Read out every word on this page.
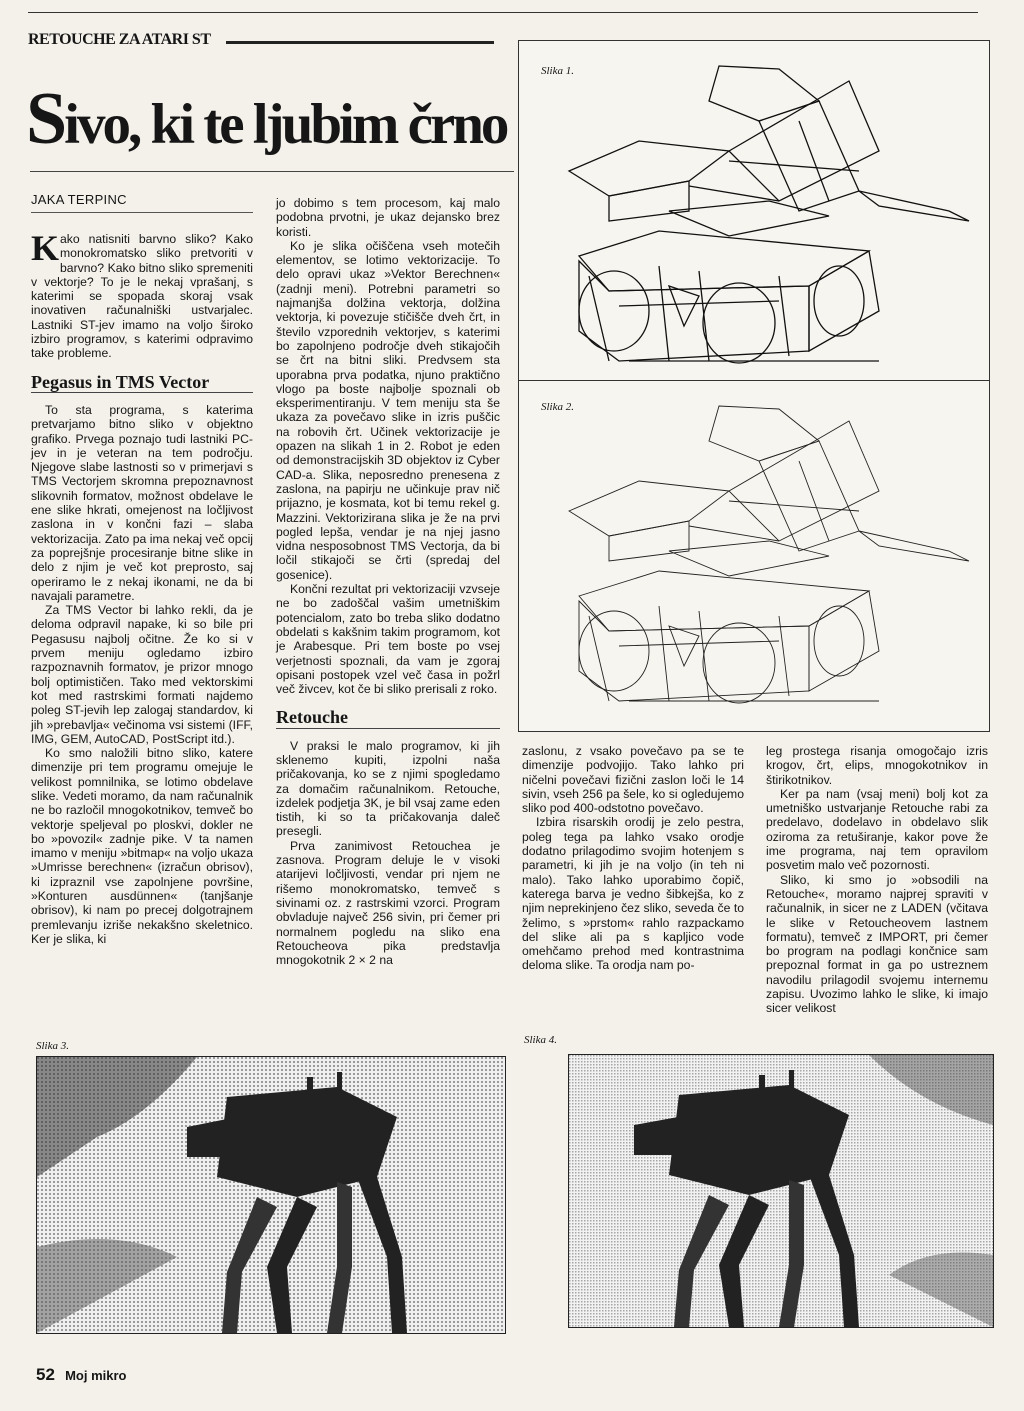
RETOUCHE ZA ATARI ST
Sivo, ki te ljubim črno
JAKA TERPINC

Kako natisniti barvno sliko? Kako monokromatsko sliko pretvoriti v barvno? Kako bitno sliko spremeniti v vektorje? To je le nekaj vprašanj, s katerimi se spopada skoraj vsak inovativen računalniški ustvarjalec. Lastniki ST-jev imamo na voljo široko izbiro programov, s katerimi odpravimo take probleme.

Pegasus in TMS Vector

To sta programa, s katerima pretvarjamo bitno sliko v objektno grafiko. Prvega poznajo tudi lastniki PC-jev in je veteran na tem področju. Njegove slabe lastnosti so v primerjavi s TMS Vectorjem skromna prepoznavnost slikovnih formatov, možnost obdelave le ene slike hkrati, omejenost na ločljivost zaslona in v končni fazi – slaba vektorizacija. Zato pa ima nekaj več opcij za poprejšnje procesiranje bitne slike in delo z njim je več kot preprosto, saj operiramo le z nekaj ikonami, ne da bi navajali parametre.

Za TMS Vector bi lahko rekli, da je deloma odpravil napake, ki so bile pri Pegasusu najbolj očitne. Že ko si v prvem meniju ogledamo izbiro razpoznavnih formatov, je prizor mnogo bolj optimističen. Tako med vektorskimi kot med rastrskimi formati najdemo poleg ST-jevih lep zalogaj standardov, ki jih »prebavlja« večinoma vsi sistemi (IFF, IMG, GEM, AutoCAD, PostScript itd.).

Ko smo naložili bitno sliko, katere dimenzije pri tem programu omejuje le velikost pomnilnika, se lotimo obdelave slike. Vedeti moramo, da nam računalnik ne bo razločil mnogokotnikov, temveč bo vektorje speljeval po ploskvi, dokler ne bo »povozil« zadnje pike. V ta namen imamo v meniju »bitmap« na voljo ukaza »Umrisse berechnen« (izračun obrisov), ki izpraznil vse zapolnjene površine, »Konturen ausdünnen« (tanjšanje obrisov), ki nam po precej dolgotrajnem premlevanju izriše nekakšno skeletnico. Ker je slika, ki

jo dobimo s tem procesom, kaj malo podobna prvotni, je ukaz dejansko brez koristi.

Ko je slika očiščena vseh motečih elementov, se lotimo vektorizacije. To delo opravi ukaz »Vektor Berechnen« (zadnji meni). Potrebni parametri so najmanjša dolžina vektorja, dolžina vektorja, ki povezuje stičišče dveh črt, in število vzporednih vektorjev, s katerimi bo zapolnjeno področje dveh stikajočih se črt na bitni sliki. Predvsem sta uporabna prva podatka, njuno praktično vlogo pa boste najbolje spoznali ob eksperimentiranju. V tem meniju sta še ukaza za povečavo slike in izris puščic na robovih črt. Učinek vektorizacije je opazen na slikah 1 in 2. Robot je eden od demonstracijskih 3D objektov iz Cyber CAD-a. Slika, neposredno prenesena z zaslona, na papirju ne učinkuje prav nič prijazno, je kosmata, kot bi temu rekel g. Mazzini. Vektorizirana slika je že na prvi pogled lepša, vendar je na njej jasno vidna nesposobnost TMS Vectorja, da bi ločil stikajoči se črti (spredaj del gosenice).

Končni rezultat pri vektorizaciji vzvseje ne bo zadoščal vašim umetniškim potencialom, zato bo treba sliko dodatno obdelati s kakšnim takim programom, kot je Arabesque. Pri tem boste po vsej verjetnosti spoznali, da vam je zgoraj opisani postopek vzel več časa in požrl več živcev, kot če bi sliko prerisali z roko.

Retouche

V praksi le malo programov, ki jih sklenemo kupiti, izpolni naša pričakovanja, ko se z njimi spogledamo za domačim računalnikom. Retouche, izdelek podjetja 3K, je bil vsaj zame eden tistih, ki so ta pričakovanja daleč presegli.

Prva zanimivost Retouchea je zasnova. Program deluje le v visoki atarijevi ločljivosti, vendar pri njem ne rišemo monokromatsko, temveč s sivinami oz. z rastrskimi vzorci. Program obvladuje največ 256 sivin, pri čemer pri normalnem pogledu na sliko ena Retoucheova pika predstavlja mnogokotnik 2 × 2 na

zaslonu, z vsako povečavo pa se te dimenzije podvojijo. Tako lahko pri ničelni povečavi fizični zaslon loči le 14 sivin, vseh 256 pa šele, ko si ogledujemo sliko pod 400-odstotno povečavo.

Izbira risarskih orodij je zelo pestra, poleg tega pa lahko vsako orodje dodatno prilagodimo svojim hotenjem s parametri, ki jih je na voljo (in teh ni malo). Tako lahko uporabimo čopič, katerega barva je vedno šibkejša, ko z njim neprekinjeno čez sliko, seveda če to želimo, s »prstom« rahlo razpackamo del slike ali pa s kapljico vode omehčamo prehod med kontrastnima deloma slike. Ta orodja nam po-

leg prostega risanja omogočajo izris krogov, črt, elips, mnogokotnikov in štirikotnikov.

Ker pa nam (vsaj meni) bolj kot za umetniško ustvarjanje Retouche rabi za predelavo, dodelavo in obdelavo slik oziroma za retuširanje, kakor pove že ime programa, naj tem opravilom posvetim malo več pozornosti.

Sliko, ki smo jo »obsodili na Retouche«, moramo najprej spraviti v računalnik, in sicer ne z LADEN (včitava le slike v Retoucheovem lastnem formatu), temveč z IMPORT, pri čemer bo program na podlagi končnice sam prepoznal format in ga po ustreznem navodilu prilagodil svojemu internemu zapisu. Uvozimo lahko le slike, ki imajo sicer velikost

Slika 1.
Slika 2.
Slika 3.	Slika 4.
52 Moj mikro
